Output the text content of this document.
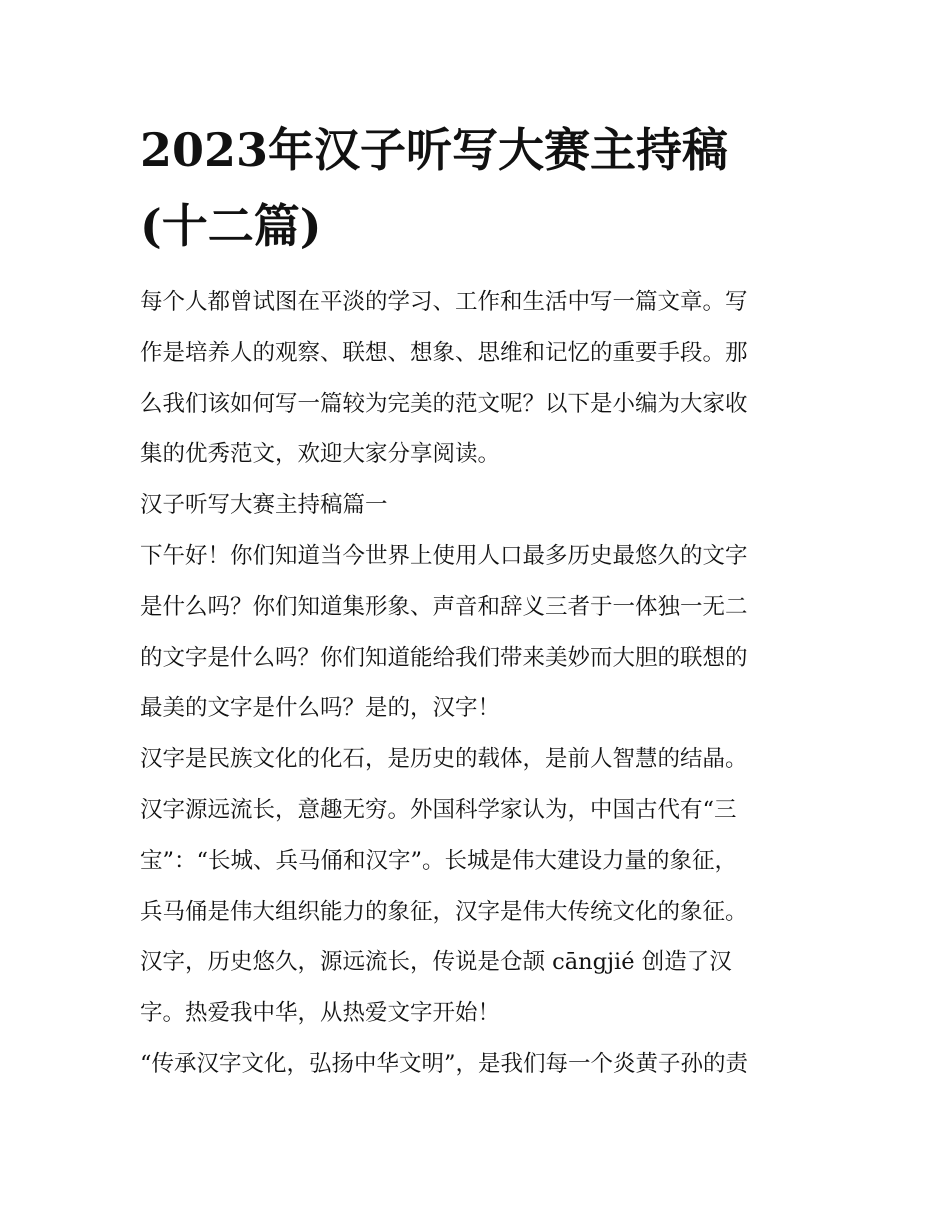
2023年汉子听写大赛主持稿
(十二篇)
每个人都曾试图在平淡的学习、工作和生活中写一篇文章。写
作是培养人的观察、联想、想象、思维和记忆的重要手段。那
么我们该如何写一篇较为完美的范文呢？以下是小编为大家收
集的优秀范文，欢迎大家分享阅读。
汉子听写大赛主持稿篇一
下午好！你们知道当今世界上使用人口最多历史最悠久的文字
是什么吗？你们知道集形象、声音和辞义三者于一体独一无二
的文字是什么吗？你们知道能给我们带来美妙而大胆的联想的
最美的文字是什么吗？是的，汉字！
汉字是民族文化的化石，是历史的载体，是前人智慧的结晶。
汉字源远流长，意趣无穷。外国科学家认为，中国古代有“三
宝”：“长城、兵马俑和汉字”。长城是伟大建设力量的象征，
兵马俑是伟大组织能力的象征，汉字是伟大传统文化的象征。
汉字，历史悠久，源远流长，传说是仓颉 cāngjié 创造了汉
字。热爱我中华，从热爱文字开始！
“传承汉字文化，弘扬中华文明”，是我们每一个炎黄子孙的责
